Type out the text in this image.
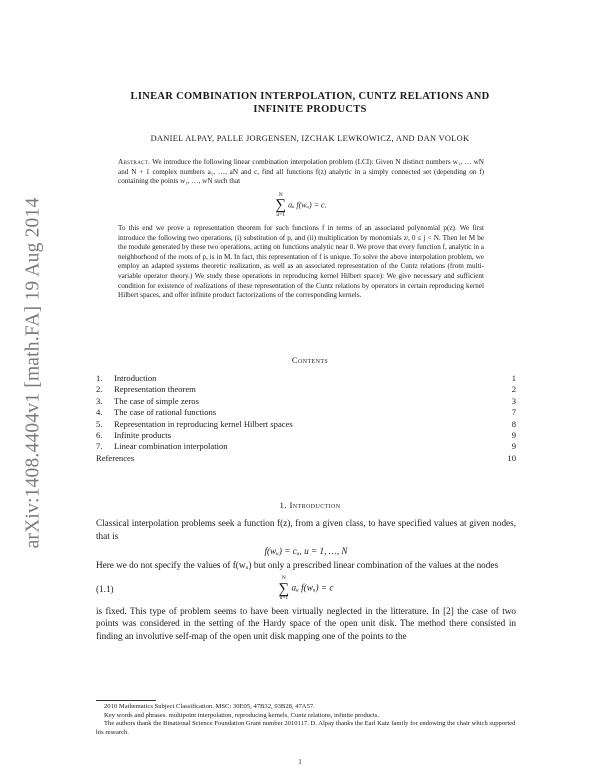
arXiv:1408.4404v1 [math.FA] 19 Aug 2014
LINEAR COMBINATION INTERPOLATION, CUNTZ RELATIONS AND
INFINITE PRODUCTS
DANIEL ALPAY, PALLE JORGENSEN, IZCHAK LEWKOWICZ, AND DAN VOLOK

Abstract. We introduce the following linear combination interpolation problem (LCI): Given N distinct numbers w₁, … wN and N + 1 complex numbers a₁, …, aN and c, find all functions f(z) analytic in a simply connected set (depending on f) containing the points w₁, …, wN such that

N
∑
u=1
aᵤ f(wᵤ) = c.

To this end we prove a representation theorem for such functions f in terms of an associated polynomial p(z). We first introduce the following two operations, (i) substitution of p, and (ii) multiplication by monomials zʲ, 0 ≤ j < N. Then let M be the module generated by these two operations, acting on functions analytic near 0. We prove that every function f, analytic in a neighborhood of the roots of p, is in M. In fact, this representation of f is unique. To solve the above interpolation problem, we employ an adapted systems theoretic realization, as well as an associated representation of the Cuntz relations (from multi-variable operator theory.) We study these operations in reproducing kernel Hilbert space): We give necessary and sufficient condition for existence of realizations of these representation of the Cuntz relations by operators in certain reproducing kernel Hilbert spaces, and offer infinite product factorizations of the corresponding kernels.

Contents
1. Introduction	1
2. Representation theorem	2
3. The case of simple zeros	3
4. The case of rational functions	7
5. Representation in reproducing kernel Hilbert spaces	8
6. Infinite products	9
7. Linear combination interpolation	9
References	10
1. Introduction

Classical interpolation problems seek a function f(z), from a given class, to have specified values at given nodes, that is

f(wᵤ) = cᵤ, u = 1, …, N

Here we do not specify the values of f(wᵤ) but only a prescribed linear combination of the values at the nodes

(1.1)
N
∑
u=1
aᵤ f(wᵤ) = c

is fixed. This type of problem seems to have been virtually neglected in the litterature. In [2] the case of two points was considered in the setting of the Hardy space of the open unit disk. The method there consisted in finding an involutive self-map of the open unit disk mapping one of the points to the

2010 Mathematics Subject Classification. MSC: 30E05, 47B32, 93B28, 47A57.

Key words and phrases. multipoint interpolation, reproducing kernels, Cuntz relations, infinite products.

The authors thank the Binational Science Foundation Grant number 2010117. D. Alpay thanks the Earl Katz family for endowing the chair which supported his research.

1
